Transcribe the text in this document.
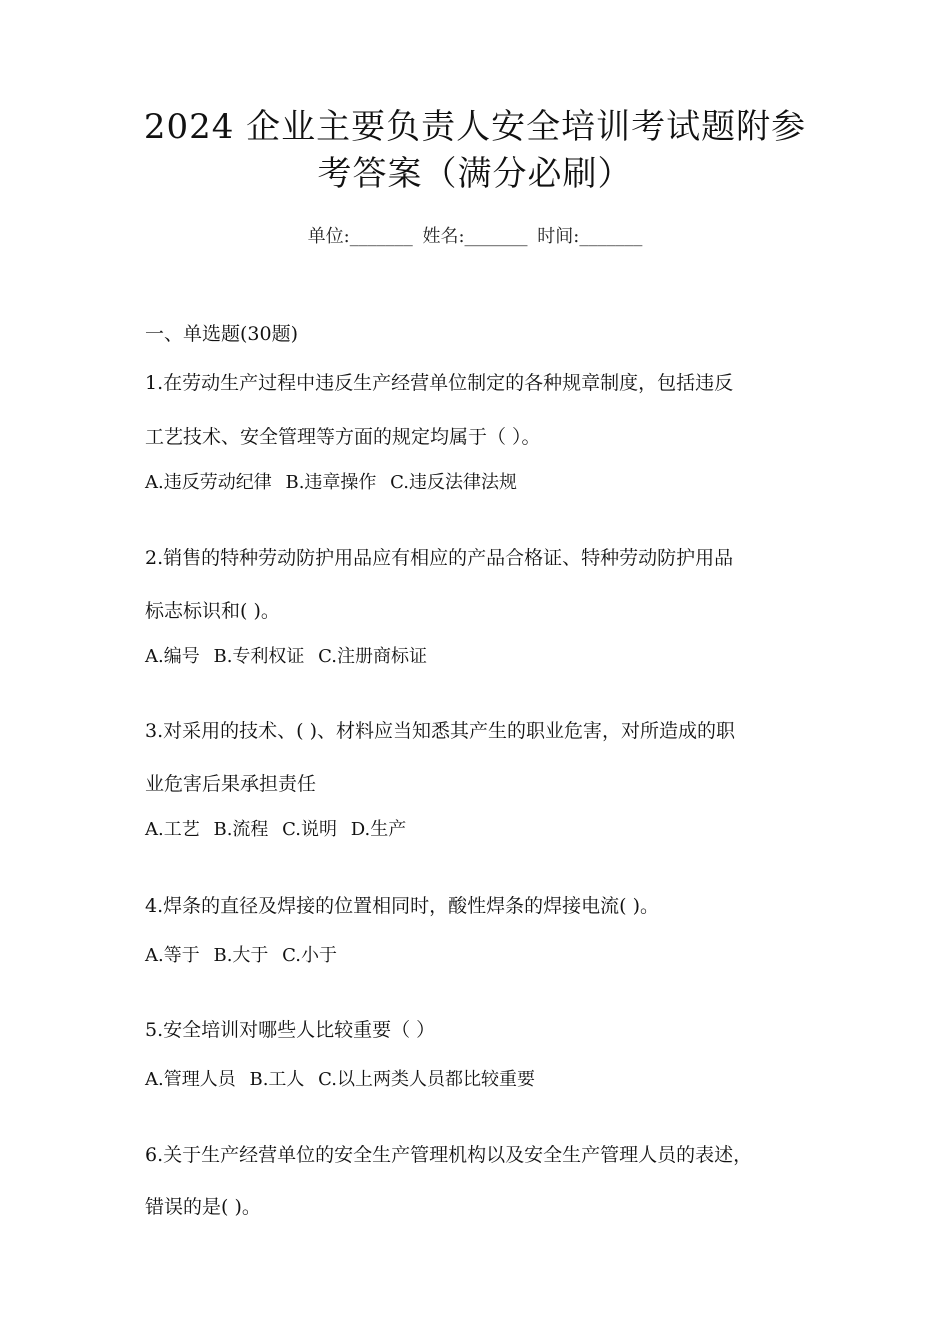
2024 企业主要负责人安全培训考试题附参
考答案（满分必刷）
单位:_______ 姓名:_______ 时间:_______
一、单选题(30题)
1.在劳动生产过程中违反生产经营单位制定的各种规章制度，包括违反
工艺技术、安全管理等方面的规定均属于（ ）。
A.违反劳动纪律 B.违章操作 C.违反法律法规
2.销售的特种劳动防护用品应有相应的产品合格证、特种劳动防护用品
标志标识和( )。
A.编号 B.专利权证 C.注册商标证
3.对采用的技术、( )、材料应当知悉其产生的职业危害，对所造成的职
业危害后果承担责任
A.工艺 B.流程 C.说明 D.生产
4.焊条的直径及焊接的位置相同时，酸性焊条的焊接电流( )。
A.等于 B.大于 C.小于
5.安全培训对哪些人比较重要（ ）
A.管理人员 B.工人 C.以上两类人员都比较重要
6.关于生产经营单位的安全生产管理机构以及安全生产管理人员的表述，
错误的是( )。
